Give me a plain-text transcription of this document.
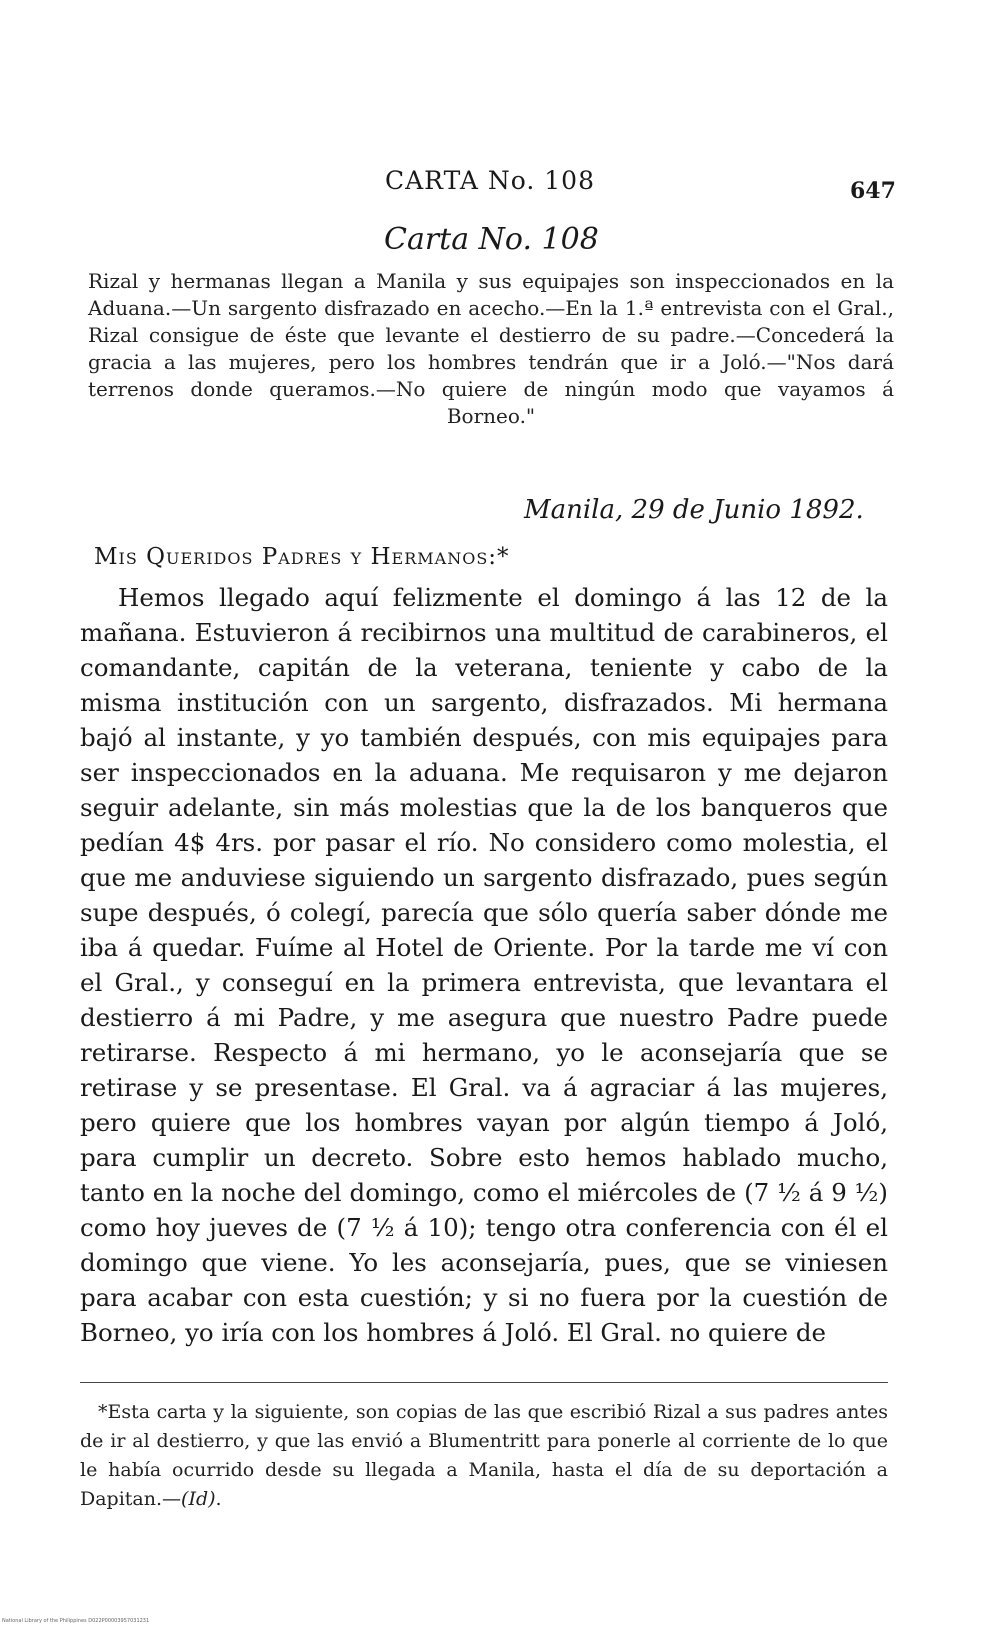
CARTA No. 108	647
Carta No. 108
Rizal y hermanas llegan a Manila y sus equipajes son inspeccionados en la Aduana.—Un sargento disfrazado en acecho.—En la 1.ª entrevista con el Gral., Rizal consigue de éste que levante el destierro de su padre.—Concederá la gracia a las mujeres, pero los hombres tendrán que ir a Joló.—"Nos dará terrenos donde queramos.—No quiere de ningún modo que vayamos á Borneo."
Manila, 29 de Junio 1892.
Mis Queridos Padres y Hermanos:*
Hemos llegado aquí felizmente el domingo á las 12 de la mañana. Estuvieron á recibirnos una multitud de carabineros, el comandante, capitán de la veterana, teniente y cabo de la misma institución con un sargento, disfrazados. Mi hermana bajó al instante, y yo también después, con mis equipajes para ser inspeccionados en la aduana. Me requisaron y me dejaron seguir adelante, sin más molestias que la de los banqueros que pedían 4$ 4rs. por pasar el río. No considero como molestia, el que me anduviese siguiendo un sargento disfrazado, pues según supe después, ó colegí, parecía que sólo quería saber dónde me iba á quedar. Fuíme al Hotel de Oriente. Por la tarde me ví con el Gral., y conseguí en la primera entrevista, que levantara el destierro á mi Padre, y me asegura que nuestro Padre puede retirarse. Respecto á mi hermano, yo le aconsejaría que se retirase y se presentase. El Gral. va á agraciar á las mujeres, pero quiere que los hombres vayan por algún tiempo á Joló, para cumplir un decreto. Sobre esto hemos hablado mucho, tanto en la noche del domingo, como el miércoles de (7 ½ á 9 ½) como hoy jueves de (7 ½ á 10); tengo otra conferencia con él el domingo que viene. Yo les aconsejaría, pues, que se viniesen para acabar con esta cuestión; y si no fuera por la cuestión de Borneo, yo iría con los hombres á Joló. El Gral. no quiere de
*Esta carta y la siguiente, son copias de las que escribió Rizal a sus padres antes de ir al destierro, y que las envió a Blumentritt para ponerle al corriente de lo que le había ocurrido desde su llegada a Manila, hasta el día de su deportación a Dapitan.—(Id).
National Library of the Philippines D022P00003957031231
